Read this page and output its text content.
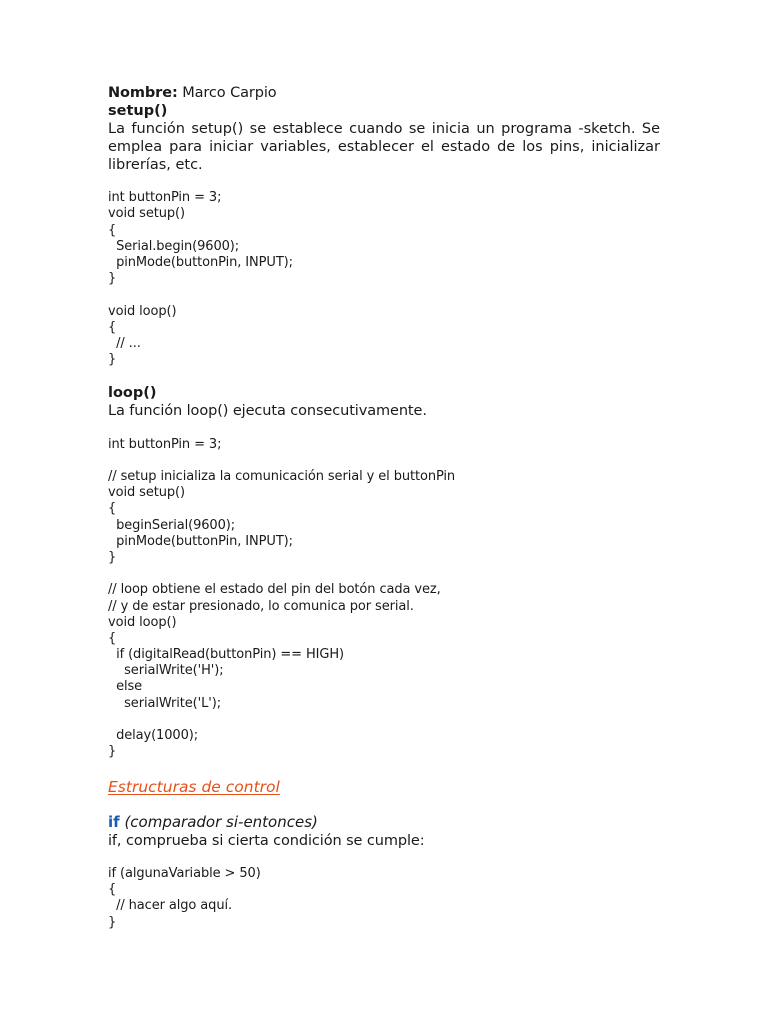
Nombre: Marco Carpio
setup()
La función setup() se establece cuando se inicia un programa -sketch. Se emplea para iniciar variables, establecer el estado de los pins, inicializar librerías, etc.
int buttonPin = 3;
void setup()
{
Serial.begin(9600);
pinMode(buttonPin, INPUT);
}
void loop()
{
// ...
}
loop()
La función loop() ejecuta consecutivamente.
int buttonPin = 3;
// setup inicializa la comunicación serial y el buttonPin
void setup()
{
beginSerial(9600);
pinMode(buttonPin, INPUT);
}
// loop obtiene el estado del pin del botón cada vez,
// y de estar presionado, lo comunica por serial.
void loop()
{
if (digitalRead(buttonPin) == HIGH)
serialWrite('H');
else
serialWrite('L');
delay(1000);
}
Estructuras de control
if (comparador si-entonces)
if, comprueba si cierta condición se cumple:
if (algunaVariable > 50)
{
// hacer algo aquí.
}
